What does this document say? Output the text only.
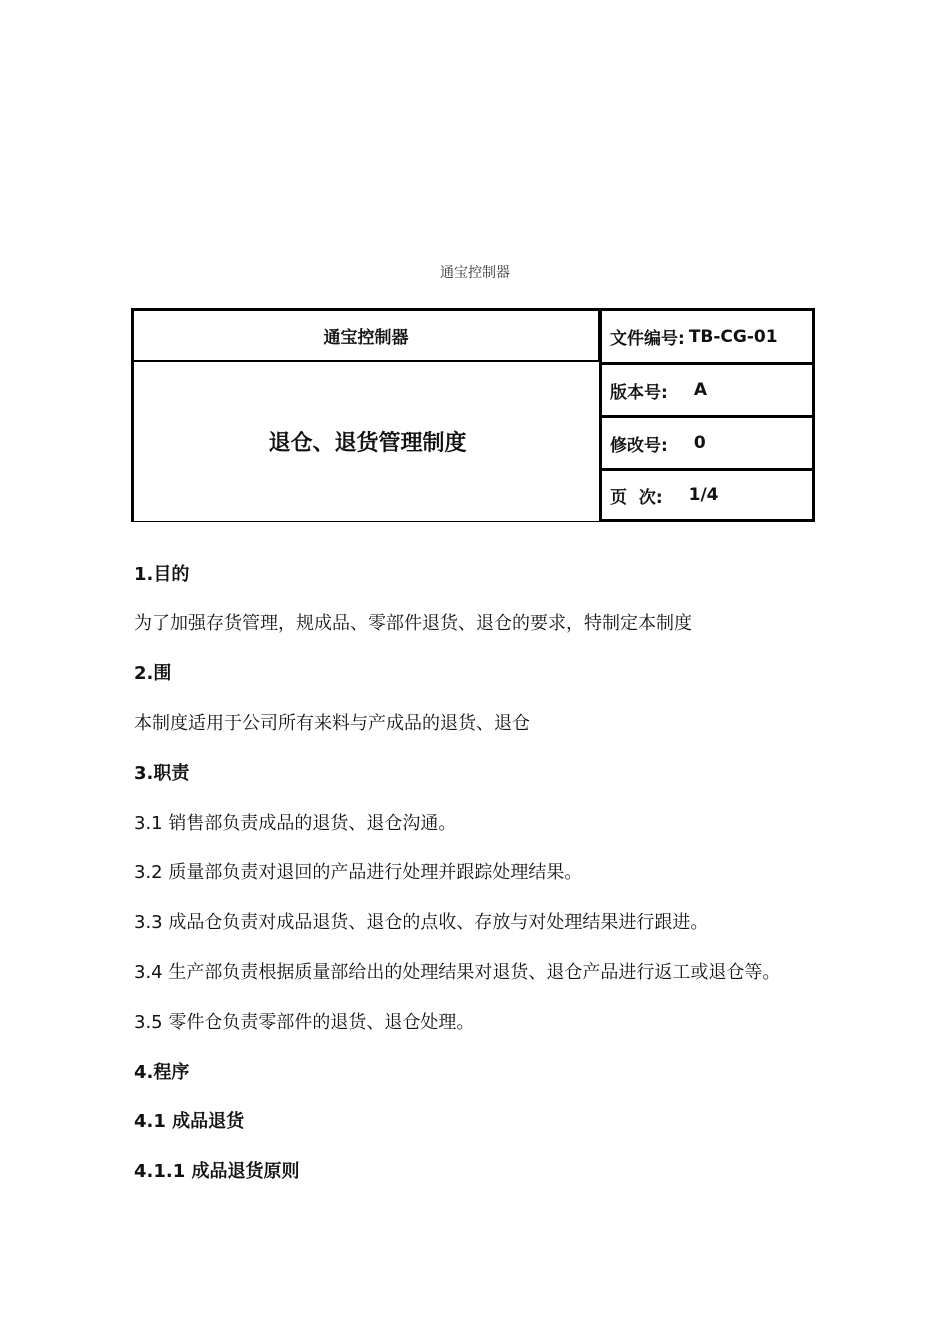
通宝控制器
通宝控制器
退仓、退货管理制度
文件编号: TB-CG-01
版本号: A
修改号: 0
页  次: 1/4
1.目的
为了加强存货管理，规成品、零部件退货、退仓的要求，特制定本制度
2.围
本制度适用于公司所有来料与产成品的退货、退仓
3.职责
3.1 销售部负责成品的退货、退仓沟通。
3.2 质量部负责对退回的产品进行处理并跟踪处理结果。
3.3 成品仓负责对成品退货、退仓的点收、存放与对处理结果进行跟进。
3.4 生产部负责根据质量部给出的处理结果对退货、退仓产品进行返工或退仓等。
3.5 零件仓负责零部件的退货、退仓处理。
4.程序
4.1 成品退货
4.1.1 成品退货原则
